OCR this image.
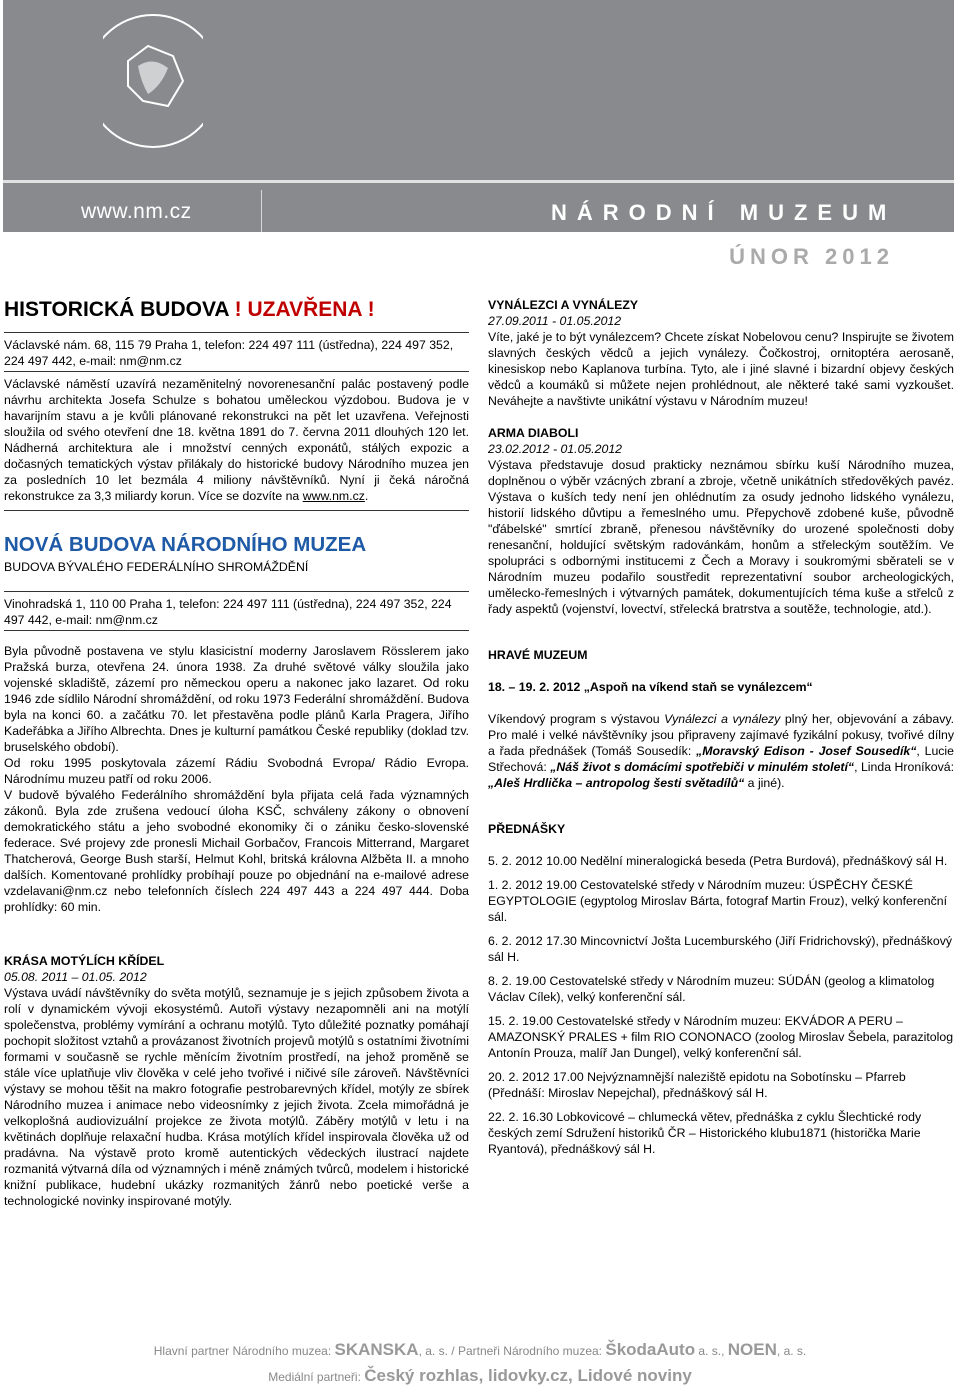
www.nm.cz	NÁRODNÍ MUZEUM
ÚNOR 2012
HISTORICKÁ BUDOVA ! UZAVŘENA !

Václavské nám. 68, 115 79 Praha 1, telefon: 224 497 111 (ústředna), 224 497 352, 224 497 442, e-mail: nm@nm.cz

Václavské náměstí uzavírá nezaměnitelný novorenesanční palác postavený podle návrhu architekta Josefa Schulze s bohatou uměleckou výzdobou. Budova je v havarijním stavu a je kvůli plánované rekonstrukci na pět let uzavřena. Veřejnosti sloužila od svého otevření dne 18. května 1891 do 7. června 2011 dlouhých 120 let. Nádherná architektura ale i množství cenných exponátů, stálých expozic a dočasných tematických výstav přilákaly do historické budovy Národního muzea jen za posledních 10 let bezmála 4 miliony návštěvníků. Nyní ji čeká náročná rekonstrukce za 3,3 miliardy korun. Více se dozvíte na www.nm.cz.

NOVÁ BUDOVA NÁRODNÍHO MUZEA
BUDOVA BÝVALÉHO FEDERÁLNÍHO SHROMÁŽDĚNÍ

Vinohradská 1, 110 00 Praha 1, telefon: 224 497 111 (ústředna), 224 497 352, 224 497 442, e-mail: nm@nm.cz

Byla původně postavena ve stylu klasicistní moderny Jaroslavem Rösslerem jako Pražská burza, otevřena 24. února 1938. Za druhé světové války sloužila jako vojenské skladiště, zázemí pro německou operu a nakonec jako lazaret. Od roku 1946 zde sídlilo Národní shromáždění, od roku 1973 Federální shromáždění. Budova byla na konci 60. a začátku 70. let přestavěna podle plánů Karla Pragera, Jiřího Kadeřábka a Jiřího Albrechta. Dnes je kulturní památkou České republiky (doklad tzv. bruselského období).

Od roku 1995 poskytovala zázemí Rádiu Svobodná Evropa/ Rádio Evropa. Národnímu muzeu patří od roku 2006.

V budově bývalého Federálního shromáždění byla přijata celá řada významných zákonů. Byla zde zrušena vedoucí úloha KSČ, schváleny zákony o obnovení demokratického státu a jeho svobodné ekonomiky či o zániku česko-slovenské federace. Své projevy zde pronesli Michail Gorbačov, Francois Mitterrand, Margaret Thatcherová, George Bush starší, Helmut Kohl, britská královna Alžběta II. a mnoho dalších. Komentované prohlídky probíhají pouze po objednání na e-mailové adrese vzdelavani@nm.cz nebo telefonních číslech 224 497 443 a 224 497 444. Doba prohlídky: 60 min.

KRÁSA MOTÝLÍCH KŘÍDEL

05.08. 2011 – 01.05. 2012

Výstava uvádí návštěvníky do světa motýlů, seznamuje je s jejich způsobem života a rolí v dynamickém vývoji ekosystémů. Autoři výstavy nezapomněli ani na motýlí společenstva, problémy vymírání a ochranu motýlů. Tyto důležité poznatky pomáhají pochopit složitost vztahů a provázanost životních projevů motýlů s ostatními životními formami v současně se rychle měnícím životním prostředí, na jehož proměně se stále více uplatňuje vliv člověka v celé jeho tvořivé i ničivé síle zároveň. Návštěvníci výstavy se mohou těšit na makro fotografie pestrobarevných křídel, motýly ze sbírek Národního muzea i animace nebo videosnímky z jejich života. Zcela mimořádná je velkoplošná audiovizuální projekce ze života motýlů. Záběry motýlů v letu i na květinách doplňuje relaxační hudba. Krása motýlích křídel inspirovala člověka už od pradávna. Na výstavě proto kromě autentických vědeckých ilustrací najdete rozmanitá výtvarná díla od významných i méně známých tvůrců, modelem i historické knižní publikace, hudební ukázky rozmanitých žánrů nebo poetické verše a technologické novinky inspirované motýly.

VYNÁLEZCI A VYNÁLEZY

27.09.2011 - 01.05.2012

Víte, jaké je to být vynálezcem? Chcete získat Nobelovou cenu? Inspirujte se životem slavných českých vědců a jejich vynálezy. Čočkostroj, ornitoptéra aerosaně, kinesiskop nebo Kaplanova turbína. Tyto, ale i jiné slavné i bizardní objevy českých vědců a koumáků si můžete nejen prohlédnout, ale některé také sami vyzkoušet. Neváhejte a navštivte unikátní výstavu v Národním muzeu!

ARMA DIABOLI

23.02.2012 - 01.05.2012

Výstava představuje dosud prakticky neznámou sbírku kuší Národního muzea, doplněnou o výběr vzácných zbraní a zbroje, včetně unikátních středověkých pavéz. Výstava o kuších tedy není jen ohlédnutím za osudy jednoho lidského vynálezu, historií lidského důvtipu a řemeslného umu. Přepychově zdobené kuše, původně "ďábelské" smrtící zbraně, přenesou návštěvníky do urozené společnosti doby renesanční, holdující světským radovánkám, honům a střeleckým soutěžím. Ve spolupráci s odbornými institucemi z Čech a Moravy i soukromými sběrateli se v Národním muzeu podařilo soustředit reprezentativní soubor archeologických, umělecko-řemeslných i výtvarných památek, dokumentujících téma kuše a střelců z řady aspektů (vojenství, lovectví, střelecká bratrstva a soutěže, technologie, atd.).

HRAVÉ MUZEUM

18. – 19. 2. 2012 „Aspoň na víkend staň se vynálezcem“

Víkendový program s výstavou Vynálezci a vynálezy plný her, objevování a zábavy. Pro malé i velké návštěvníky jsou připraveny zajímavé fyzikální pokusy, tvořivé dílny a řada přednášek (Tomáš Sousedík: „Moravský Edison - Josef Sousedík“, Lucie Střechová: „Náš život s domácími spotřebiči v minulém století“, Linda Hroníková: „Aleš Hrdlička – antropolog šesti světadílů“ a jiné).

PŘEDNÁŠKY

5. 2. 2012 10.00 Nedělní mineralogická beseda (Petra Burdová), přednáškový sál H.

1. 2. 2012 19.00 Cestovatelské středy v Národním muzeu: ÚSPĚCHY ČESKÉ EGYPTOLOGIE (egyptolog Miroslav Bárta, fotograf Martin Frouz), velký konferenční sál.

6. 2. 2012 17.30 Mincovnictví Jošta Lucemburského (Jiří Fridrichovský), přednáškový sál H.

8. 2. 19.00 Cestovatelské středy v Národním muzeu: SÚDÁN (geolog a klimatolog Václav Cílek), velký konferenční sál.

15. 2. 19.00 Cestovatelské středy v Národním muzeu: EKVÁDOR A PERU – AMAZONSKÝ PRALES + film RIO CONONACO (zoolog Miroslav Šebela, parazitolog Antonín Prouza, malíř Jan Dungel), velký konferenční sál.

20. 2. 2012 17.00 Nejvýznamnější naleziště epidotu na Sobotínsku – Pfarreb (Přednáší: Miroslav Nepejchal), přednáškový sál H.

22. 2. 16.30 Lobkovicové – chlumecká větev, přednáška z cyklu Šlechtické rody českých zemí Sdružení historiků ČR – Historického klubu1871 (historička Marie Ryantová), přednáškový sál H.

Hlavní partner Národního muzea: SKANSKA, a. s. / Partneři Národního muzea: ŠkodaAuto a. s., NOEN, a. s.
Mediální partneři: Český rozhlas, lidovky.cz, Lidové noviny
